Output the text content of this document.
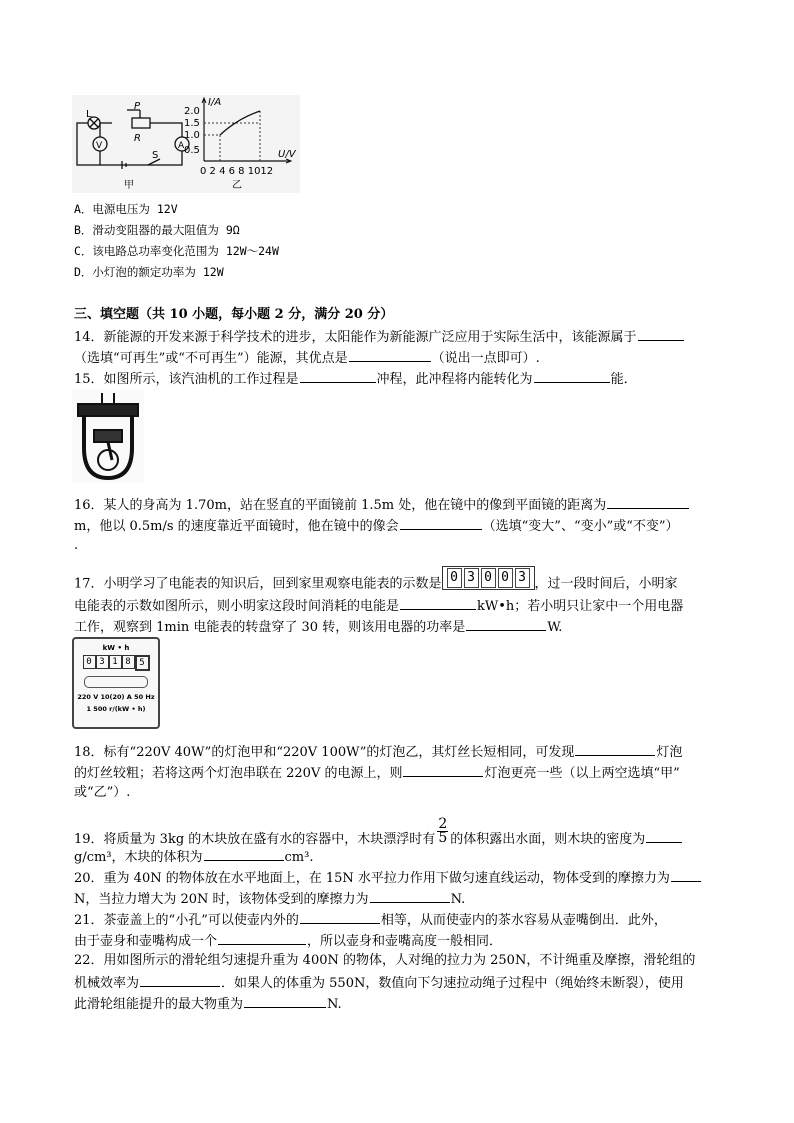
L
P
R
A
V
S
甲
I/A
U/V
2.0
1.5
1.0
0.5
0 2 4 6 8 1012
乙
A．电源电压为 12V
B．滑动变阻器的最大阻值为 9Ω
C．该电路总功率变化范围为 12W～24W
D．小灯泡的额定功率为 12W
三、填空题（共 10 小题，每小题 2 分，满分 20 分）
14．新能源的开发来源于科学技术的进步，太阳能作为新能源广泛应用于实际生活中，该能源属于
（选填“可再生”或“不可再生”）能源，其优点是	（说出一点即可）.
15．如图所示，该汽油机的工作过程是	冲程，此冲程将内能转化为	能．
16．某人的身高为 1.70m，站在竖直的平面镜前 1.5m 处，他在镜中的像到平面镜的距离为
m，他以 0.5m/s 的速度靠近平面镜时，他在镜中的像会	（选填“变大”、“变小”或“不变”）
.
17．小明学习了电能表的知识后，回到家里观察电能表的示数是 0 3 0 0 3 ，过一段时间后，小明家
电能表的示数如图所示，则小明家这段时间消耗的电能是	kW•h；若小明只让家中一个用电器
工作，观察到 1min 电能表的转盘穿了 30 转，则该用电器的功率是	W.
kW • h
0 3 1 8 5
220 V 10(20) A 50 Hz
1 500 r/(kW • h)
18．标有“220V 40W”的灯泡甲和“220V 100W”的灯泡乙，其灯丝长短相同，可发现	灯泡
的灯丝较粗；若将这两个灯泡串联在 220V 的电源上，则	灯泡更亮一些（以上两空选填“甲”
或“乙”）.
19．将质量为 3kg 的木块放在盛有水的容器中，木块漂浮时有 $\frac{2}{5}$ 的体积露出水面，则木块的密度为
g/cm³，木块的体积为	cm³.
20．重为 40N 的物体放在水平地面上，在 15N 水平拉力作用下做匀速直线运动，物体受到的摩擦力为
N，当拉力增大为 20N 时，该物体受到的摩擦力为	N.
21．茶壶盖上的“小孔”可以使壶内外的	相等，从而使壶内的茶水容易从壶嘴倒出．此外，
由于壶身和壶嘴构成一个	，所以壶身和壶嘴高度一般相同．
22．用如图所示的滑轮组匀速提升重为 400N 的物体，人对绳的拉力为 250N，不计绳重及摩擦，滑轮组的
机械效率为	．如果人的体重为 550N，数值向下匀速拉动绳子过程中（绳始终未断裂），使用
此滑轮组能提升的最大物重为	N.
